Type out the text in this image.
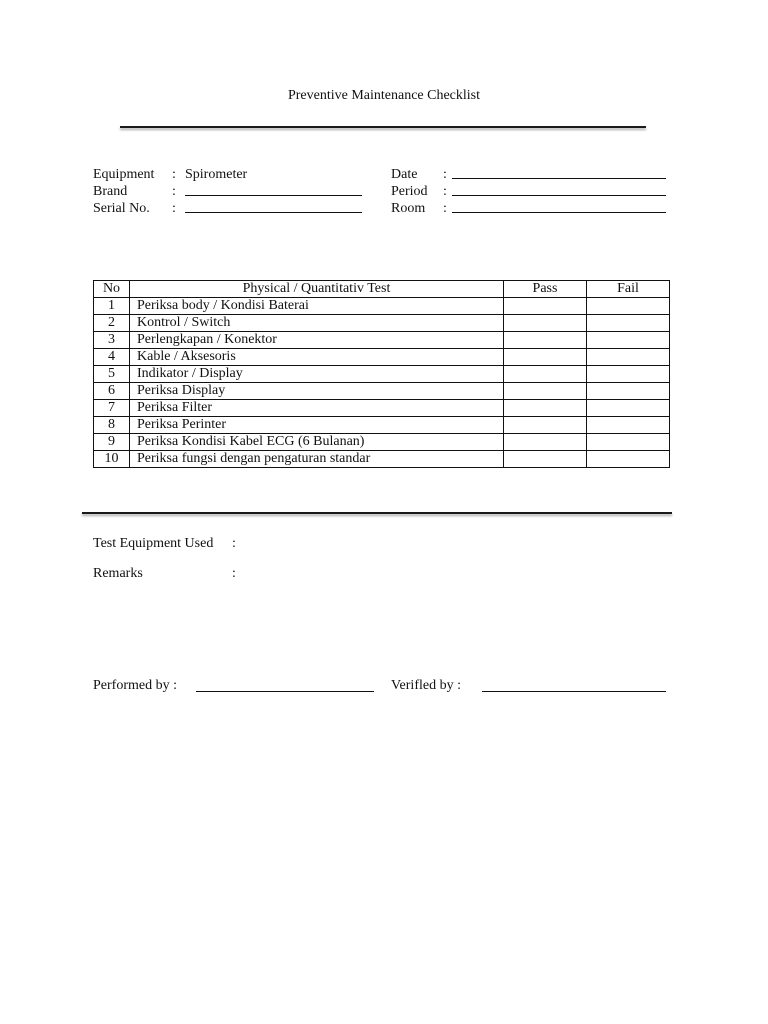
Preventive Maintenance Checklist
Equipment : Spirometer
Brand	:
Serial No. :
Date :
Period :
Room :
No	Physical / Quantitativ Test	Pass	Fail
1	Periksa body / Kondisi Baterai		
2	Kontrol / Switch		
3	Perlengkapan / Konektor		
4	Kable / Aksesoris		
5	Indikator / Display		
6	Periksa Display		
7	Periksa Filter		
8	Periksa Perinter		
9	Periksa Kondisi Kabel ECG (6 Bulanan)		
10	Periksa fungsi dengan pengaturan standar		
Test Equipment Used :
Remarks	:
Performed by :	Verifled by :
